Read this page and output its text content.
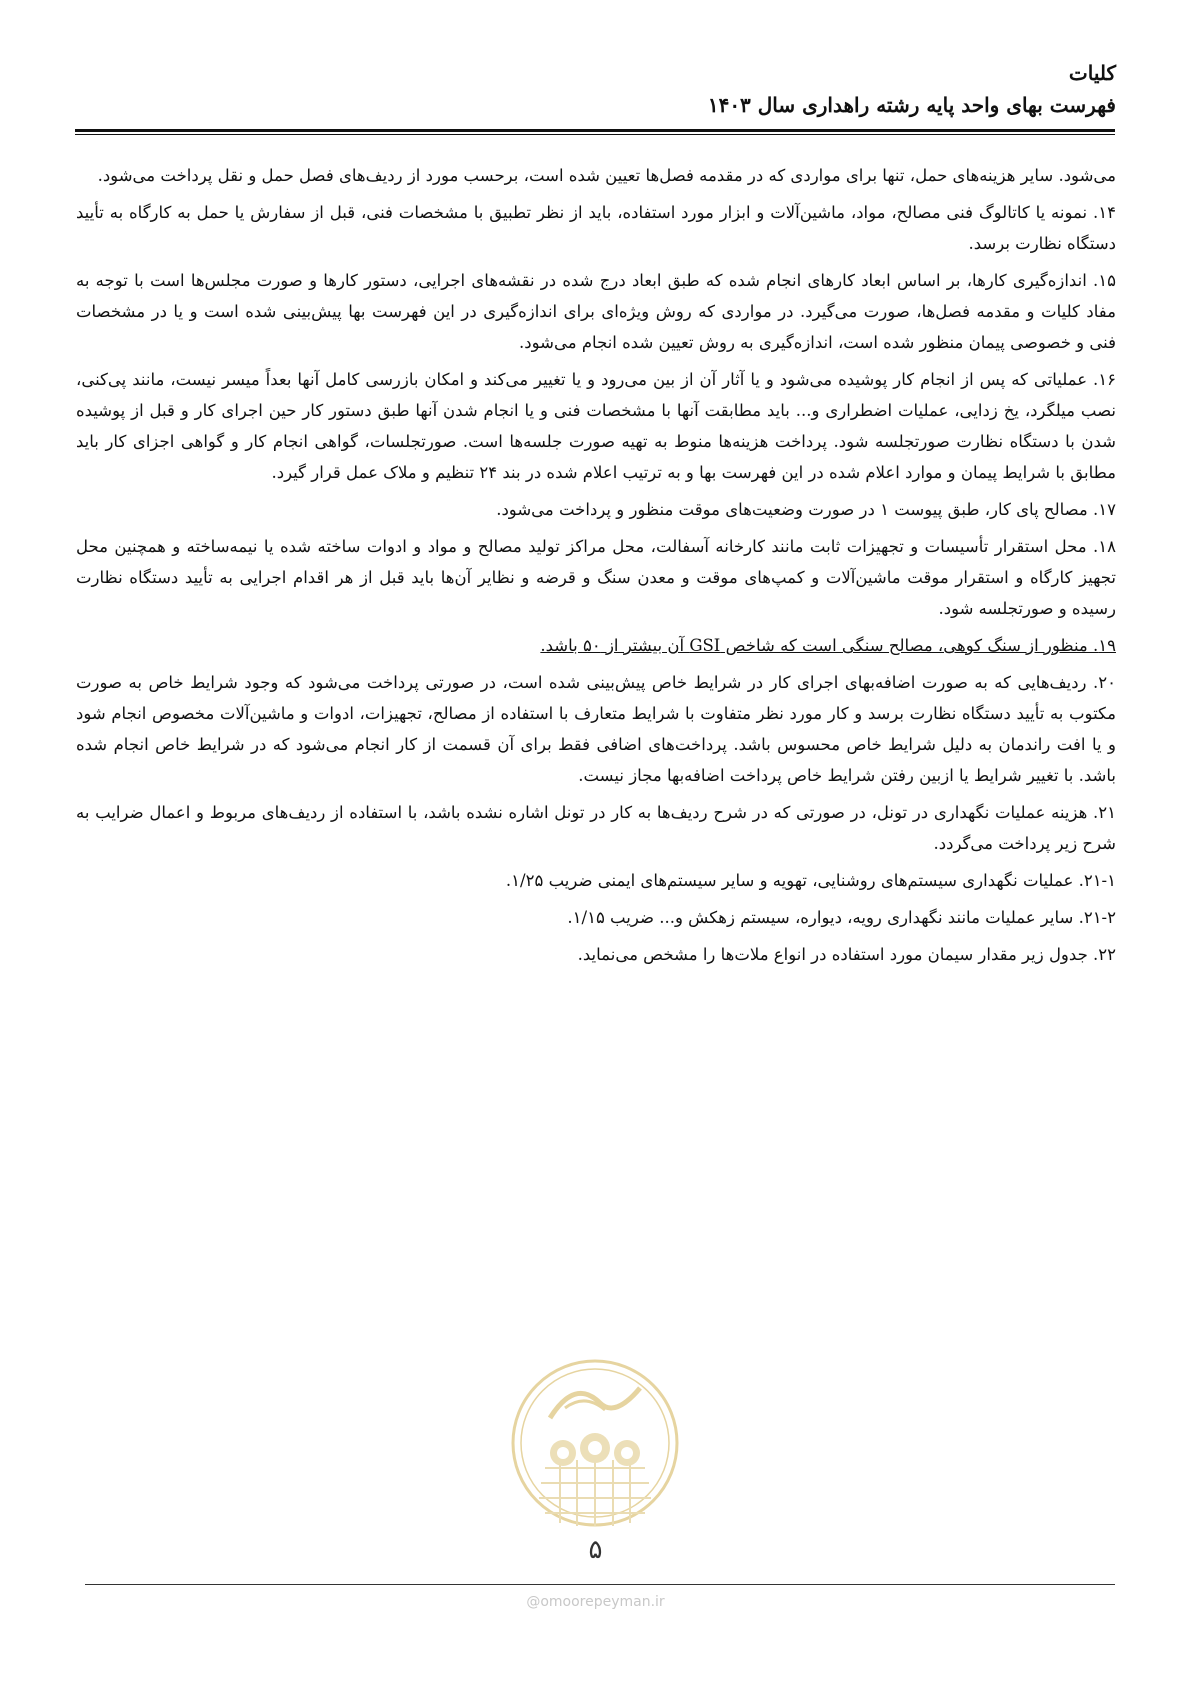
کلیات
فهرست بهای واحد پایه رشته راهداری سال ۱۴۰۳

می‌شود. سایر هزینه‌های حمل، تنها برای مواردی که در مقدمه فصل‌ها تعیین شده است، برحسب مورد از ردیف‌های فصل حمل و نقل پرداخت می‌شود.

۱۴. نمونه یا کاتالوگ فنی مصالح، مواد، ماشین‌آلات و ابزار مورد استفاده، باید از نظر تطبیق با مشخصات فنی، قبل از سفارش یا حمل به کارگاه به تأیید دستگاه نظارت برسد.

۱۵. اندازه‌گیری کارها، بر اساس ابعاد کارهای انجام شده که طبق ابعاد درج شده در نقشه‌های اجرایی، دستور کارها و صورت مجلس‌ها است با توجه به مفاد کلیات و مقدمه فصل‌ها، صورت می‌گیرد. در مواردی که روش ویژه‌ای برای اندازه‌گیری در این فهرست بها پیش‌بینی شده است و یا در مشخصات فنی و خصوصی پیمان منظور شده است، اندازه‌گیری به روش تعیین شده انجام می‌شود.

۱۶. عملیاتی که پس از انجام کار پوشیده می‌شود و یا آثار آن از بین می‌رود و یا تغییر می‌کند و امکان بازرسی کامل آنها بعداً میسر نیست، مانند پی‌کنی، نصب میلگرد، یخ زدایی، عملیات اضطراری و... باید مطابقت آنها با مشخصات فنی و یا انجام شدن آنها طبق دستور کار حین اجرای کار و قبل از پوشیده شدن با دستگاه نظارت صورتجلسه شود. پرداخت هزینه‌ها منوط به تهیه صورت جلسه‌ها است. صورتجلسات، گواهی انجام کار و گواهی اجزای کار باید مطابق با شرایط پیمان و موارد اعلام شده در این فهرست بها و به ترتیب اعلام شده در بند ۲۴ تنظیم و ملاک عمل قرار گیرد.

۱۷. مصالح پای کار، طبق پیوست ۱ در صورت وضعیت‌های موقت منظور و پرداخت می‌شود.

۱۸. محل استقرار تأسیسات و تجهیزات ثابت مانند کارخانه آسفالت، محل مراکز تولید مصالح و مواد و ادوات ساخته شده یا نیمه‌ساخته و همچنین محل تجهیز کارگاه و استقرار موقت ماشین‌آلات و کمپ‌های موقت و معدن سنگ و قرضه و نظایر آن‌ها باید قبل از هر اقدام اجرایی به تأیید دستگاه نظارت رسیده و صورتجلسه شود.

۱۹. منظور از سنگ کوهی، مصالح سنگی است که شاخص GSI آن بیشتر از ۵۰ باشد.

۲۰. ردیف‌هایی که به صورت اضافه‌بهای اجرای کار در شرایط خاص پیش‌بینی شده است، در صورتی پرداخت می‌شود که وجود شرایط خاص به صورت مکتوب به تأیید دستگاه نظارت برسد و کار مورد نظر متفاوت با شرایط متعارف با استفاده از مصالح، تجهیزات، ادوات و ماشین‌آلات مخصوص انجام شود و یا افت راندمان به دلیل شرایط خاص محسوس باشد. پرداخت‌های اضافی فقط برای آن قسمت از کار انجام می‌شود که در شرایط خاص انجام شده باشد. با تغییر شرایط یا ازبین رفتن شرایط خاص پرداخت اضافه‌بها مجاز نیست.

۲۱. هزینه عملیات نگهداری در تونل، در صورتی که در شرح ردیف‌ها به کار در تونل اشاره نشده باشد، با استفاده از ردیف‌های مربوط و اعمال ضرایب به شرح زیر پرداخت می‌گردد.

۲۱-۱. عملیات نگهداری سیستم‌های روشنایی، تهویه و سایر سیستم‌های ایمنی ضریب ۱/۲۵.

۲۱-۲. سایر عملیات مانند نگهداری رویه، دیواره، سیستم زهکش و... ضریب ۱/۱۵.

۲۲. جدول زیر مقدار سیمان مورد استفاده در انواع ملات‌ها را مشخص می‌نماید.

۵
@omoorepeyman.ir
